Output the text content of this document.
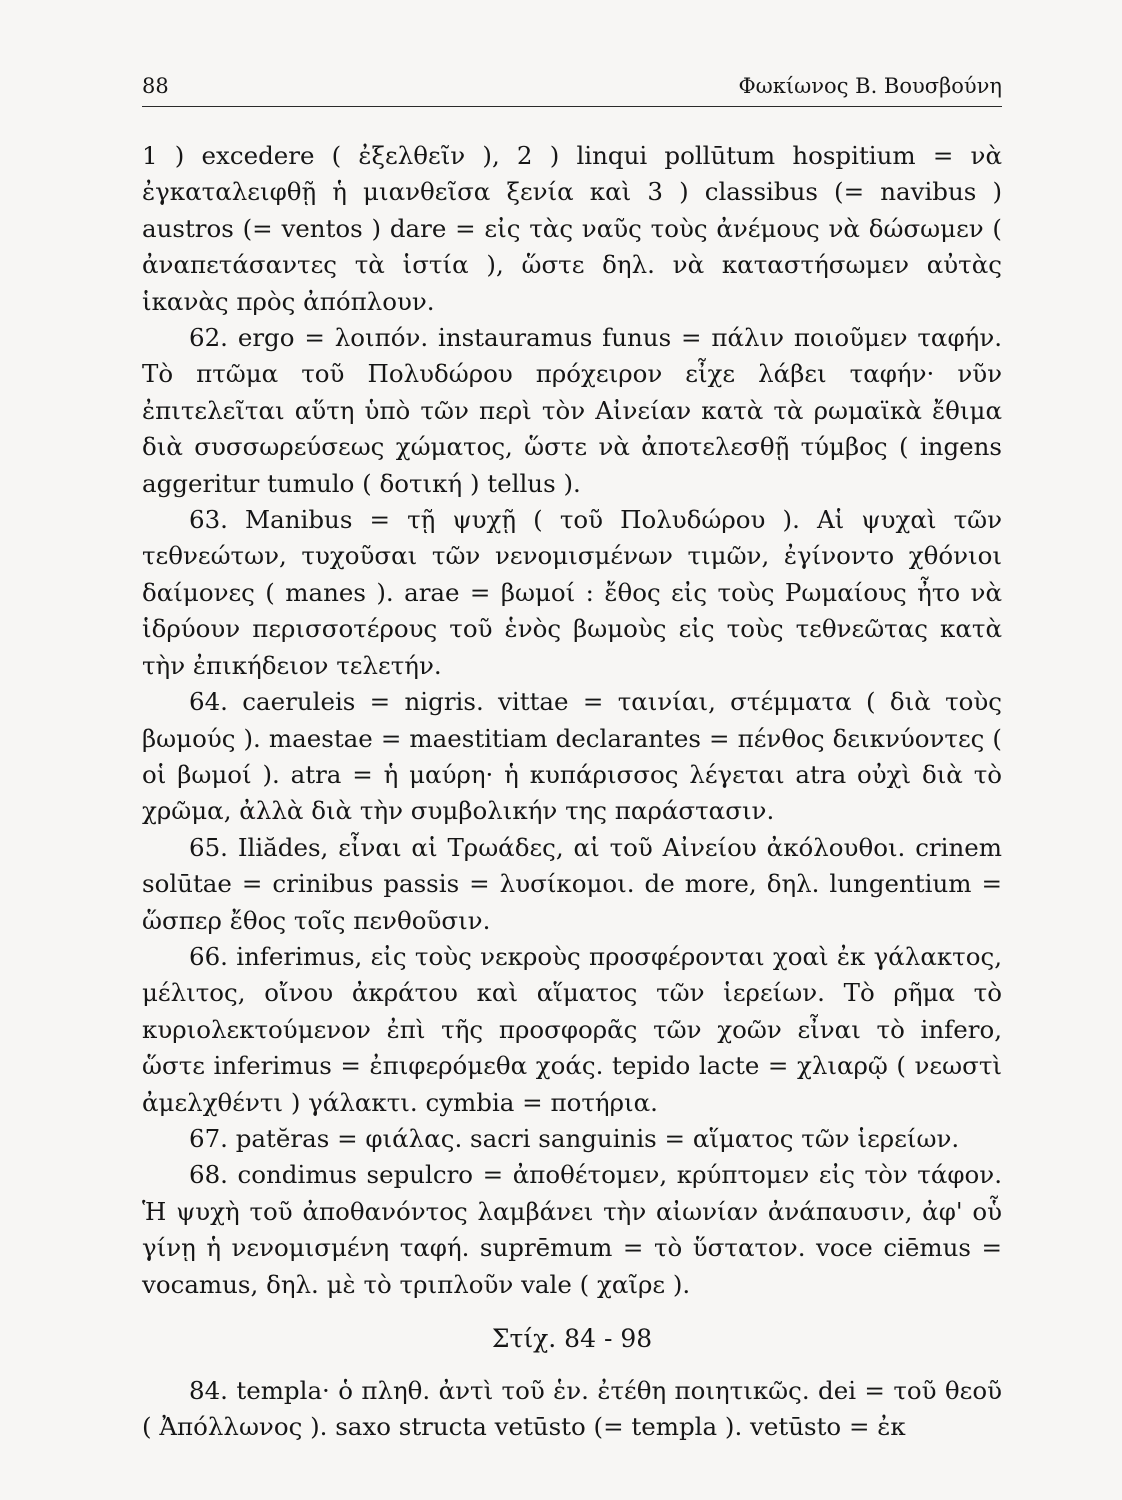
88	Φωκίωνος Β. Βουσβούνη

1 ) excedere ( ἐξελθεῖν ), 2 ) linqui pollūtum hospitium = νὰ ἐγκαταλειφθῇ ἡ μιανθεῖσα ξενία καὶ 3 ) classibus (= navibus ) austros (= ventos ) dare = εἰς τὰς ναῦς τοὺς ἀνέμους νὰ δώσωμεν ( ἀναπετάσαντες τὰ ἱστία ), ὥστε δηλ. νὰ καταστήσωμεν αὐτὰς ἱκανὰς πρὸς ἀπόπλουν.

62. ergo = λοιπόν. instauramus funus = πάλιν ποιοῦμεν ταφήν. Τὸ πτῶμα τοῦ Πολυδώρου πρόχειρον εἶχε λάβει ταφήν· νῦν ἐπιτελεῖται αὕτη ὑπὸ τῶν περὶ τὸν Αἰνείαν κατὰ τὰ ρωμαϊκὰ ἔθιμα διὰ συσσωρεύσεως χώματος, ὥστε νὰ ἀποτελεσθῇ τύμβος ( ingens aggeritur tumulo ( δοτική ) tellus ).

63. Manibus = τῇ ψυχῇ ( τοῦ Πολυδώρου ). Αἱ ψυχαὶ τῶν τεθνεώτων, τυχοῦσαι τῶν νενομισμένων τιμῶν, ἐγίνοντο χθόνιοι δαίμονες ( manes ). arae = βωμοί : ἔθος εἰς τοὺς Ρωμαίους ἦτο νὰ ἱδρύουν περισσοτέρους τοῦ ἑνὸς βωμοὺς εἰς τοὺς τεθνεῶτας κατὰ τὴν ἐπικήδειον τελετήν.

64. caeruleis = nigris. vittae = ταινίαι, στέμματα ( διὰ τοὺς βωμούς ). maestae = maestitiam declarantes = πένθος δεικνύοντες ( οἱ βωμοί ). atra = ἡ μαύρη· ἡ κυπάρισσος λέγεται atra οὐχὶ διὰ τὸ χρῶμα, ἀλλὰ διὰ τὴν συμβολικήν της παράστασιν.

65. Iliădes, εἶναι αἱ Τρωάδες, αἱ τοῦ Αἰνείου ἀκόλουθοι. crinem solūtae = crinibus passis = λυσίκομοι. de more, δηλ. lungentium = ὥσπερ ἔθος τοῖς πενθοῦσιν.

66. inferimus, εἰς τοὺς νεκροὺς προσφέρονται χοαὶ ἐκ γάλακτος, μέλιτος, οἴνου ἀκράτου καὶ αἵματος τῶν ἱερείων. Τὸ ρῆμα τὸ κυριολεκτούμενον ἐπὶ τῆς προσφορᾶς τῶν χοῶν εἶναι τὸ infero, ὥστε inferimus = ἐπιφερόμεθα χοάς. tepido lacte = χλιαρῷ ( νεωστὶ ἀμελχθέντι ) γάλακτι. cymbia = ποτήρια.

67. patĕras = φιάλας. sacri sanguinis = αἵματος τῶν ἱερείων.

68. condimus sepulcro = ἀποθέτομεν, κρύπτομεν εἰς τὸν τάφον. Ἡ ψυχὴ τοῦ ἀποθανόντος λαμβάνει τὴν αἰωνίαν ἀνάπαυσιν, ἀφ' οὗ γίνῃ ἡ νενομισμένη ταφή. suprēmum = τὸ ὕστατον. voce ciēmus = vocamus, δηλ. μὲ τὸ τριπλοῦν vale ( χαῖρε ).

Στίχ. 84 - 98

84. templa· ὁ πληθ. ἀντὶ τοῦ ἑν. ἐτέθη ποιητικῶς. dei = τοῦ θεοῦ ( Ἀπόλλωνος ). saxo structa vetūsto (= templa ). vetūsto = ἐκ
